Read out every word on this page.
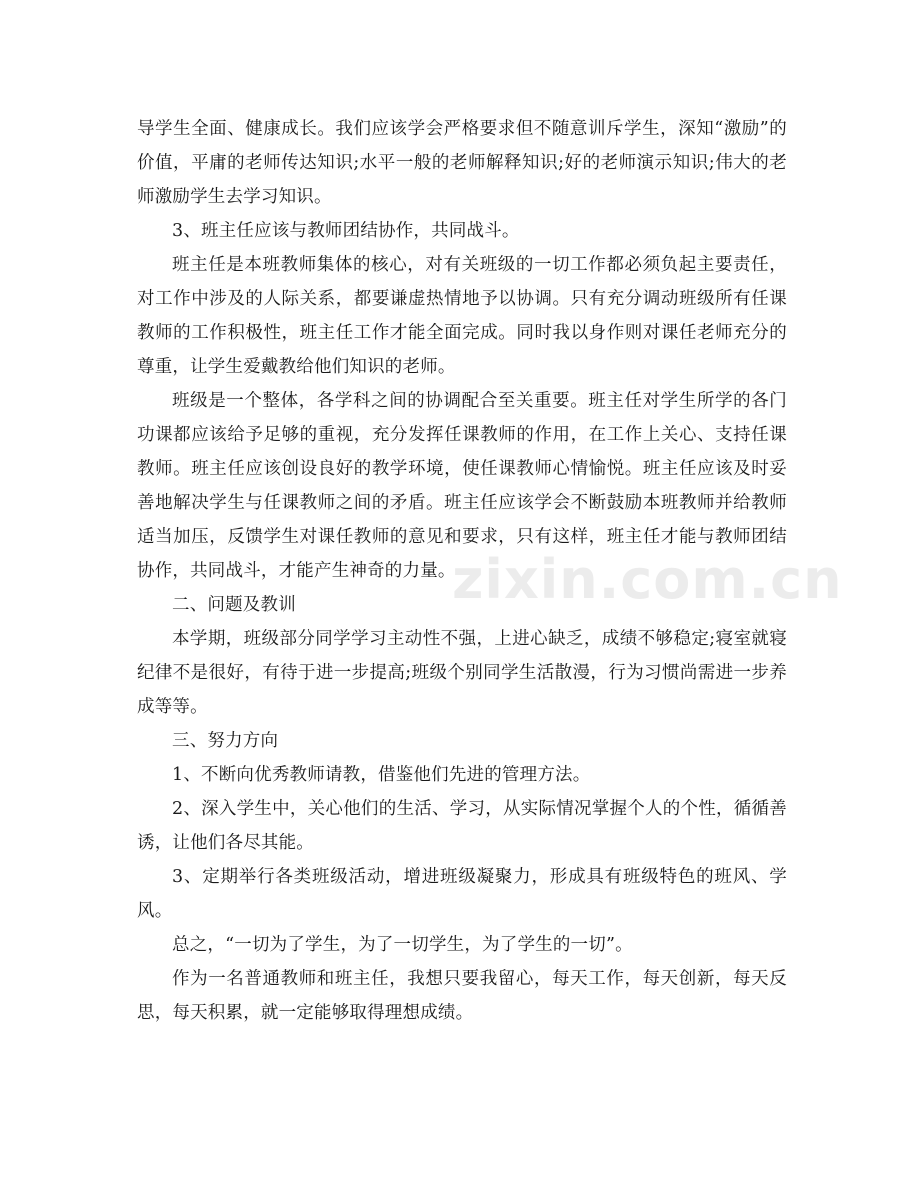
zixin.com.cn

导学生全面、健康成长。我们应该学会严格要求但不随意训斥学生，深知“激励”的价值，平庸的老师传达知识;水平一般的老师解释知识;好的老师演示知识;伟大的老师激励学生去学习知识。

3、班主任应该与教师团结协作，共同战斗。

班主任是本班教师集体的核心，对有关班级的一切工作都必须负起主要责任，对工作中涉及的人际关系，都要谦虚热情地予以协调。只有充分调动班级所有任课教师的工作积极性，班主任工作才能全面完成。同时我以身作则对课任老师充分的尊重，让学生爱戴教给他们知识的老师。

班级是一个整体，各学科之间的协调配合至关重要。班主任对学生所学的各门功课都应该给予足够的重视，充分发挥任课教师的作用，在工作上关心、支持任课教师。班主任应该创设良好的教学环境，使任课教师心情愉悦。班主任应该及时妥善地解决学生与任课教师之间的矛盾。班主任应该学会不断鼓励本班教师并给教师适当加压，反馈学生对课任教师的意见和要求，只有这样，班主任才能与教师团结协作，共同战斗，才能产生神奇的力量。

二、问题及教训

本学期，班级部分同学学习主动性不强，上进心缺乏，成绩不够稳定;寝室就寝纪律不是很好，有待于进一步提高;班级个别同学生活散漫，行为习惯尚需进一步养成等等。

三、努力方向

1、不断向优秀教师请教，借鉴他们先进的管理方法。

2、深入学生中，关心他们的生活、学习，从实际情况掌握个人的个性，循循善诱，让他们各尽其能。

3、定期举行各类班级活动，增进班级凝聚力，形成具有班级特色的班风、学风。

总之，“一切为了学生，为了一切学生，为了学生的一切”。

作为一名普通教师和班主任，我想只要我留心，每天工作，每天创新，每天反思，每天积累，就一定能够取得理想成绩。
